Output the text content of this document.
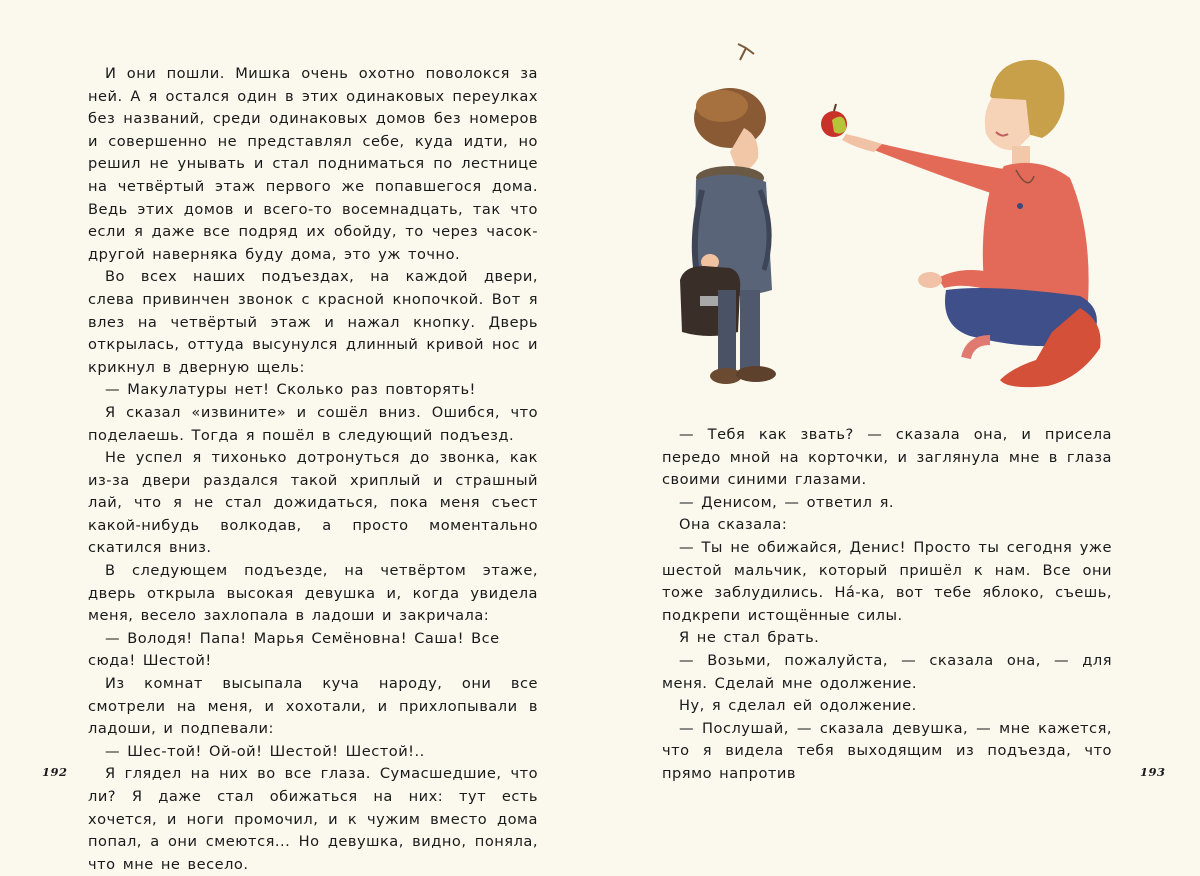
И они пошли. Мишка очень охотно поволокся за ней. А я остался один в этих одинаковых переулках без названий, среди одинаковых домов без номеров и совершенно не представлял себе, куда идти, но решил не унывать и стал подниматься по лестнице на четвёртый этаж первого же попавшегося дома. Ведь этих домов и всего-то восемнадцать, так что если я даже все подряд их обойду, то через часок-другой наверняка буду дома, это уж точно.

Во всех наших подъездах, на каждой двери, слева привинчен звонок с красной кнопочкой. Вот я влез на четвёртый этаж и нажал кнопку. Дверь открылась, оттуда высунулся длинный кривой нос и крикнул в дверную щель:

— Макулатуры нет! Сколько раз повторять!

Я сказал «извините» и сошёл вниз. Ошибся, что поделаешь. Тогда я пошёл в следующий подъезд.

Не успел я тихонько дотронуться до звонка, как из-за двери раздался такой хриплый и страшный лай, что я не стал дожидаться, пока меня съест какой-нибудь волкодав, а просто моментально скатился вниз.

В следующем подъезде, на четвёртом этаже, дверь открыла высокая девушка и, когда увидела меня, весело захлопала в ладоши и закричала:

— Володя! Папа! Марья Семёновна! Саша! Все сюда! Шестой!

Из комнат высыпала куча народу, они все смотрели на меня, и хохотали, и прихлопывали в ладоши, и подпевали:

— Шес-той! Ой-ой! Шестой! Шестой!..

Я глядел на них во все глаза. Сумасшедшие, что ли? Я даже стал обижаться на них: тут есть хочется, и ноги промочил, и к чужим вместо дома попал, а они смеются... Но девушка, видно, поняла, что мне не весело.

192

— Тебя как звать? — сказала она, и присела передо мной на корточки, и заглянула мне в глаза своими синими глазами.

— Денисом, — ответил я.

Она сказала:

— Ты не обижайся, Денис! Просто ты сегодня уже шестой мальчик, который пришёл к нам. Все они тоже заблудились. Нá-ка, вот тебе яблоко, съешь, подкрепи истощённые силы.

Я не стал брать.

— Возьми, пожалуйста, — сказала она, — для меня. Сделай мне одолжение.

Ну, я сделал ей одолжение.

— Послушай, — сказала девушка, — мне кажется, что я видела тебя выходящим из подъезда, что прямо напротив	193
